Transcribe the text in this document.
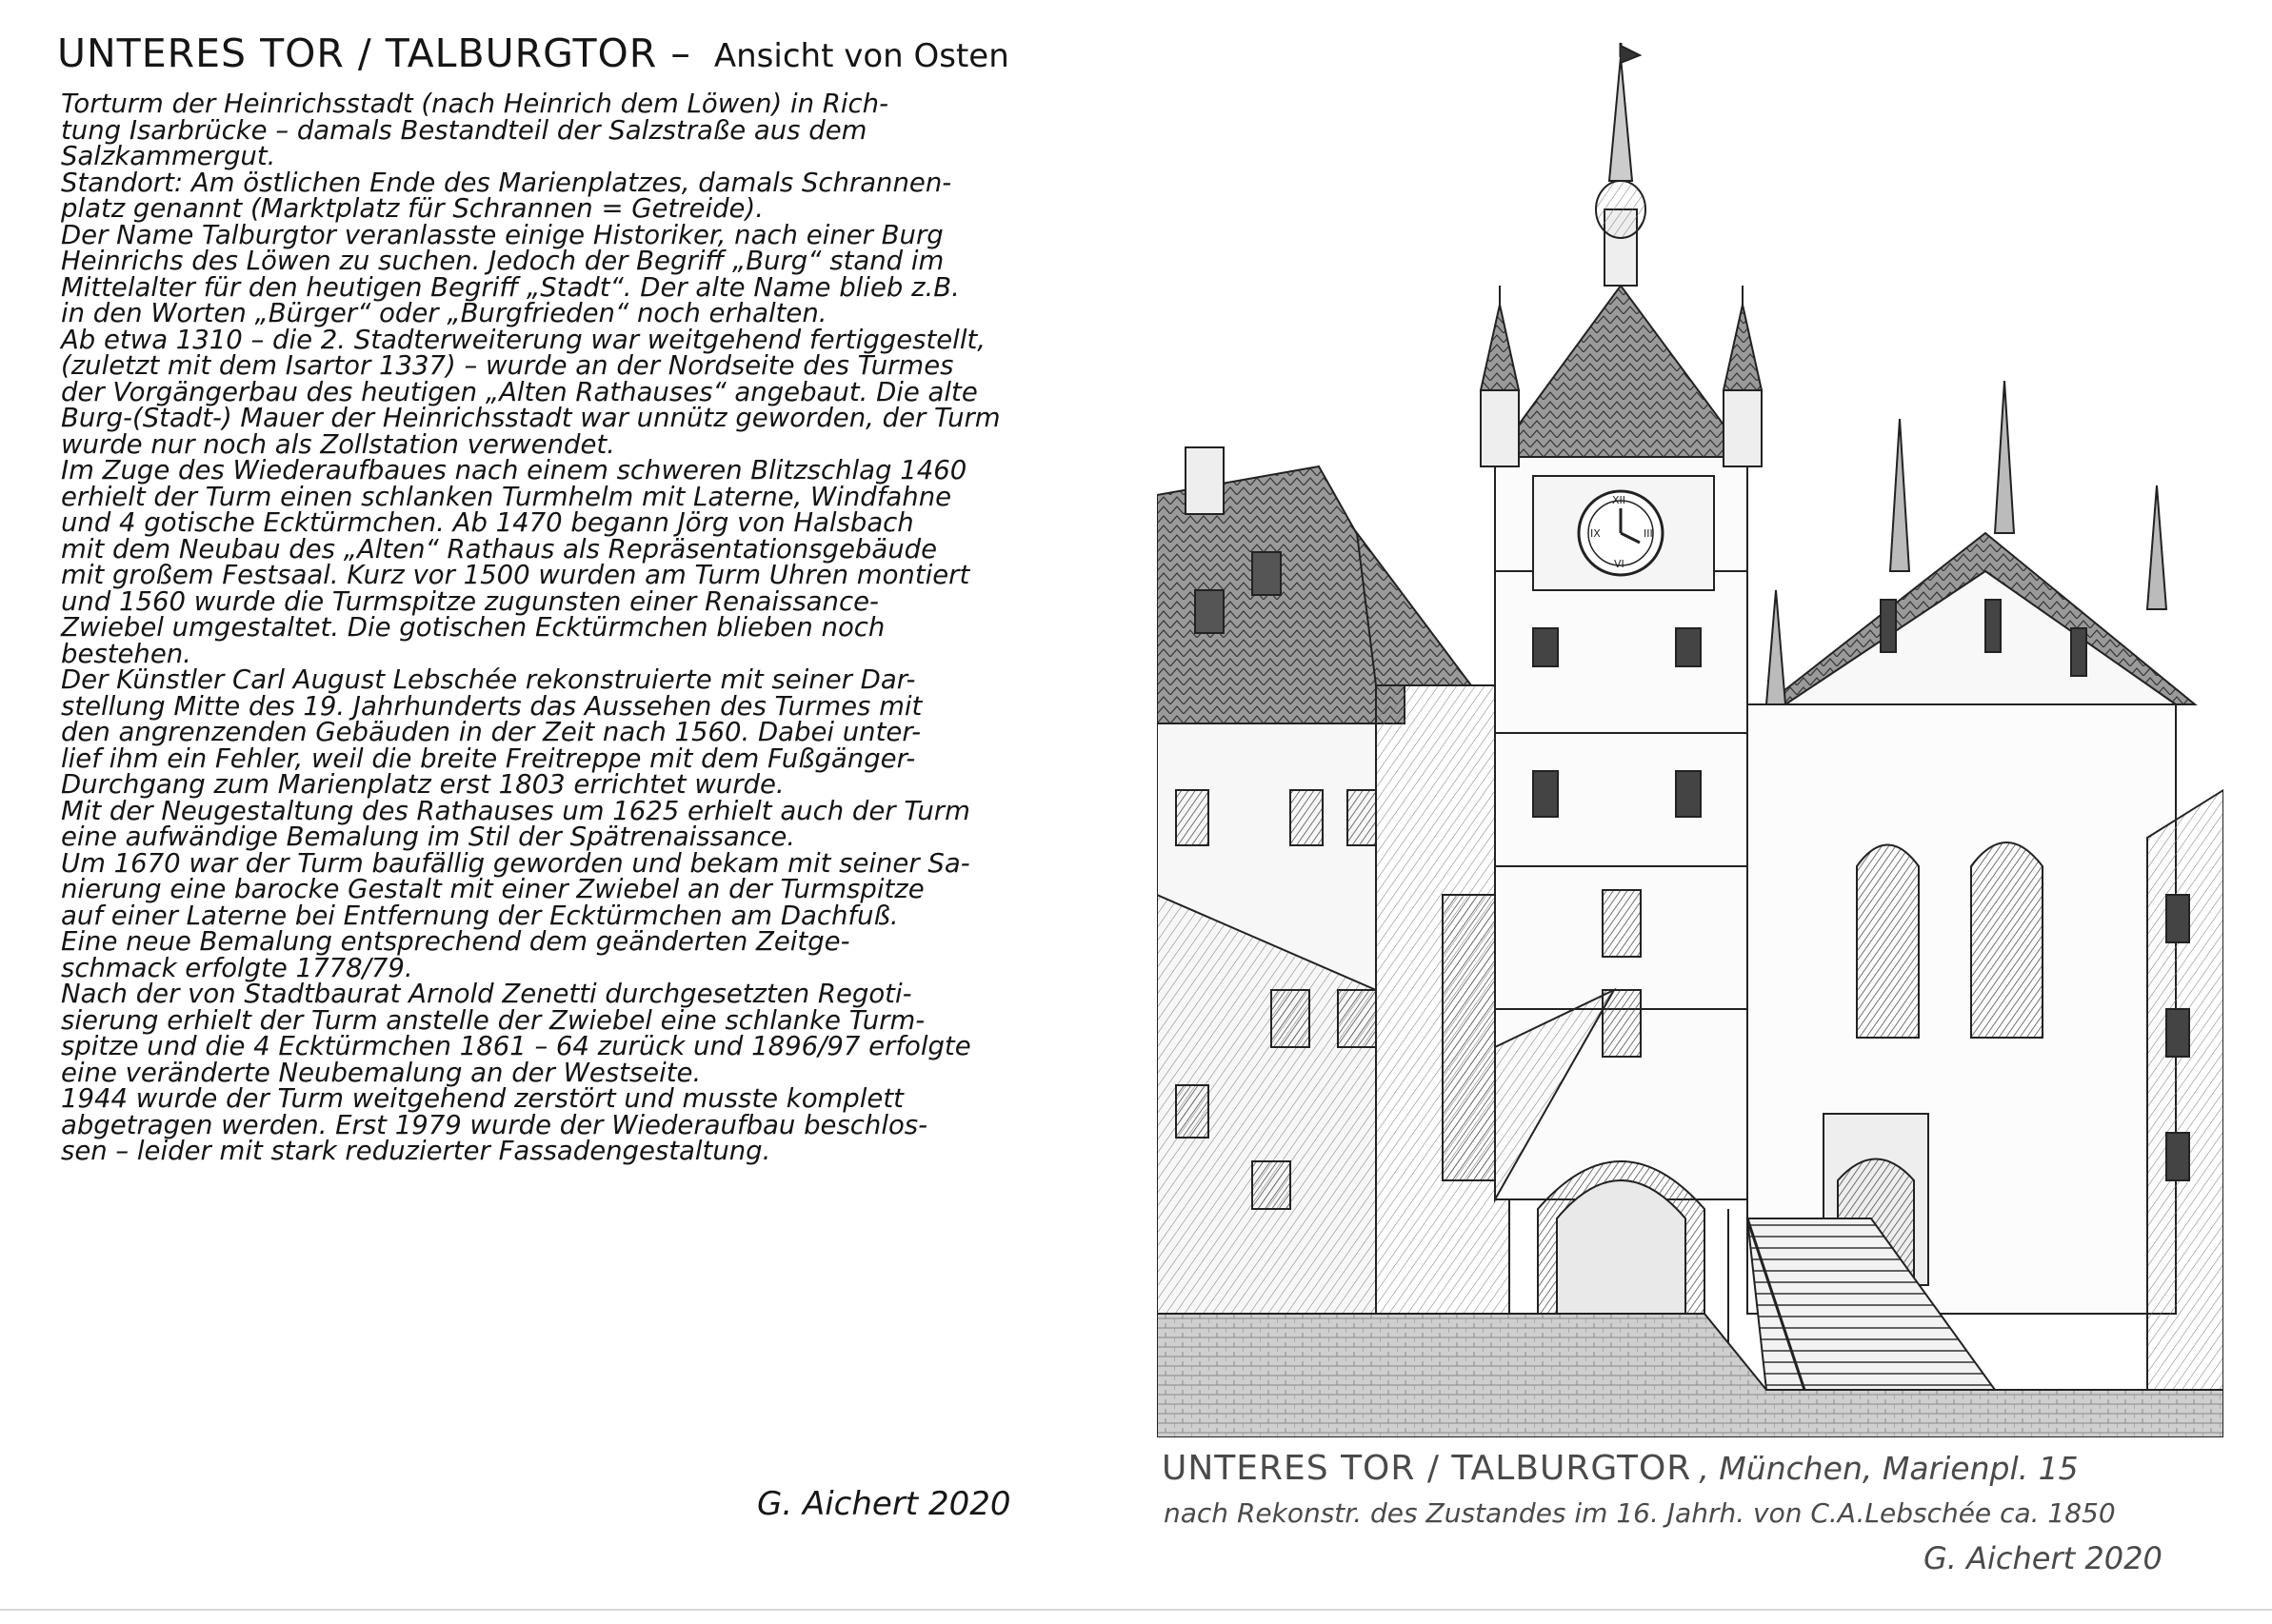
UNTERES TOR / TALBURGTOR – Ansicht von Osten
Torturm der Heinrichsstadt (nach Heinrich dem Löwen) in Rich-
tung Isarbrücke – damals Bestandteil der Salzstraße aus dem
Salzkammergut.
Standort: Am östlichen Ende des Marienplatzes, damals Schrannen-
platz genannt (Marktplatz für Schrannen = Getreide).
Der Name Talburgtor veranlasste einige Historiker, nach einer Burg
Heinrichs des Löwen zu suchen. Jedoch der Begriff „Burg“ stand im
Mittelalter für den heutigen Begriff „Stadt“. Der alte Name blieb z.B.
in den Worten „Bürger“ oder „Burgfrieden“ noch erhalten.
Ab etwa 1310 – die 2. Stadterweiterung war weitgehend fertiggestellt,
(zuletzt mit dem Isartor 1337) – wurde an der Nordseite des Turmes
der Vorgängerbau des heutigen „Alten Rathauses“ angebaut. Die alte
Burg-(Stadt-) Mauer der Heinrichsstadt war unnütz geworden, der Turm
wurde nur noch als Zollstation verwendet.
Im Zuge des Wiederaufbaues nach einem schweren Blitzschlag 1460
erhielt der Turm einen schlanken Turmhelm mit Laterne, Windfahne
und 4 gotische Ecktürmchen. Ab 1470 begann Jörg von Halsbach
mit dem Neubau des „Alten“ Rathaus als Repräsentationsgebäude
mit großem Festsaal. Kurz vor 1500 wurden am Turm Uhren montiert
und 1560 wurde die Turmspitze zugunsten einer Renaissance-
Zwiebel umgestaltet. Die gotischen Ecktürmchen blieben noch
bestehen.
Der Künstler Carl August Lebschée rekonstruierte mit seiner Dar-
stellung Mitte des 19. Jahrhunderts das Aussehen des Turmes mit
den angrenzenden Gebäuden in der Zeit nach 1560. Dabei unter-
lief ihm ein Fehler, weil die breite Freitreppe mit dem Fußgänger-
Durchgang zum Marienplatz erst 1803 errichtet wurde.
Mit der Neugestaltung des Rathauses um 1625 erhielt auch der Turm
eine aufwändige Bemalung im Stil der Spätrenaissance.
Um 1670 war der Turm baufällig geworden und bekam mit seiner Sa-
nierung eine barocke Gestalt mit einer Zwiebel an der Turmspitze
auf einer Laterne bei Entfernung der Ecktürmchen am Dachfuß.
Eine neue Bemalung entsprechend dem geänderten Zeitge-
schmack erfolgte 1778/79.
Nach der von Stadtbaurat Arnold Zenetti durchgesetzten Regoti-
sierung erhielt der Turm anstelle der Zwiebel eine schlanke Turm-
spitze und die 4 Ecktürmchen 1861 – 64 zurück und 1896/97 erfolgte
eine veränderte Neubemalung an der Westseite.
1944 wurde der Turm weitgehend zerstört und musste komplett
abgetragen werden. Erst 1979 wurde der Wiederaufbau beschlos-
sen – leider mit stark reduzierter Fassadengestaltung.
G. Aichert 2020
XII
III
VI
IX
UNTERES TOR / TALBURGTOR , München, Marienpl. 15
nach Rekonstr. des Zustandes im 16. Jahrh. von C.A.Lebschée ca. 1850
G. Aichert 2020
